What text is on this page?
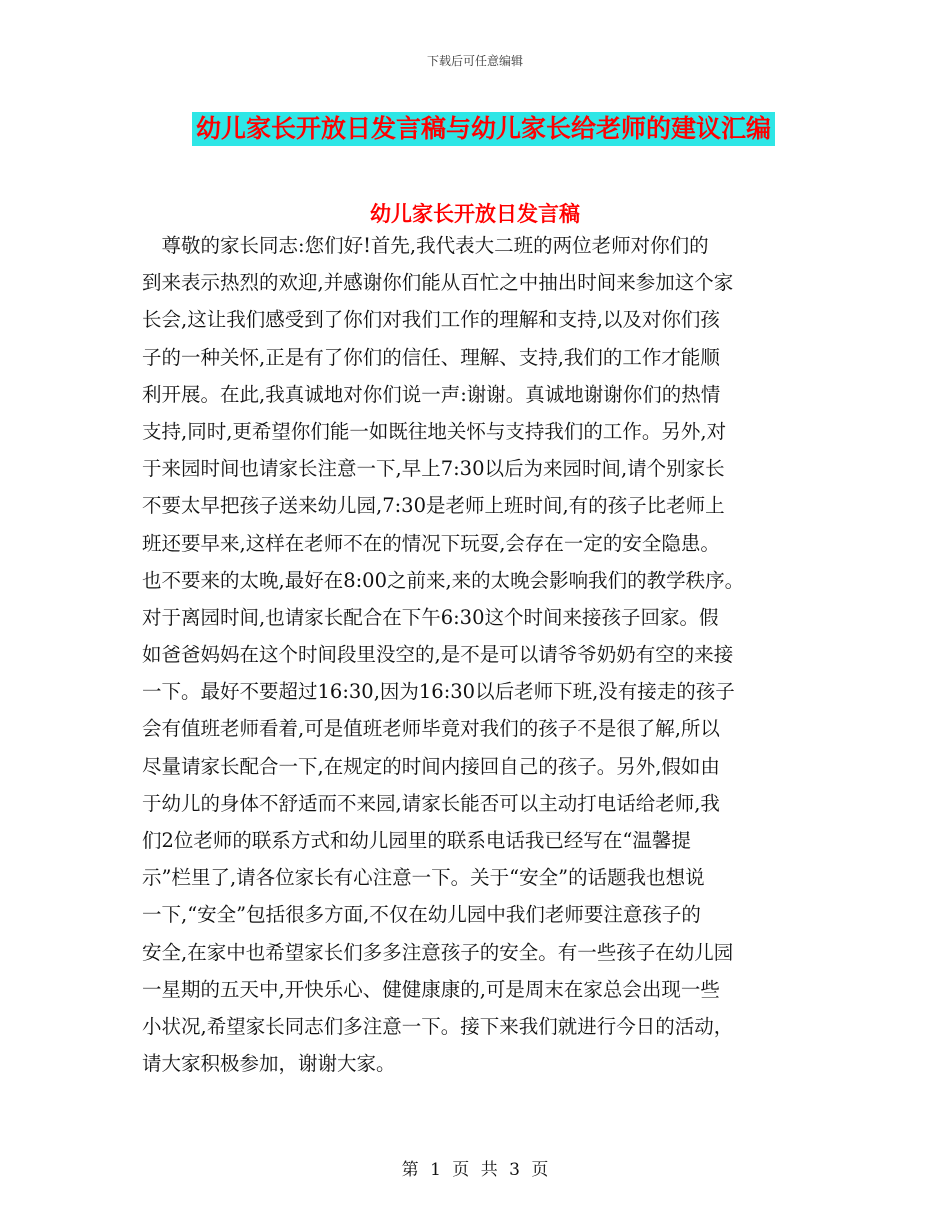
下载后可任意编辑
幼儿家长开放日发言稿与幼儿家长给老师的建议汇编
幼儿家长开放日发言稿
　尊敬的家长同志:您们好!首先,我代表大二班的两位老师对你们的
到来表示热烈的欢迎,并感谢你们能从百忙之中抽出时间来参加这个家
长会,这让我们感受到了你们对我们工作的理解和支持,以及对你们孩
子的一种关怀,正是有了你们的信任、理解、支持,我们的工作才能顺
利开展。在此,我真诚地对你们说一声:谢谢。真诚地谢谢你们的热情
支持,同时,更希望你们能一如既往地关怀与支持我们的工作。另外,对
于来园时间也请家长注意一下,早上7:30以后为来园时间,请个别家长
不要太早把孩子送来幼儿园,7:30是老师上班时间,有的孩子比老师上
班还要早来,这样在老师不在的情况下玩耍,会存在一定的安全隐患。
也不要来的太晚,最好在8:00之前来,来的太晚会影响我们的教学秩序。
对于离园时间,也请家长配合在下午6:30这个时间来接孩子回家。假
如爸爸妈妈在这个时间段里没空的,是不是可以请爷爷奶奶有空的来接
一下。最好不要超过16:30,因为16:30以后老师下班,没有接走的孩子
会有值班老师看着,可是值班老师毕竟对我们的孩子不是很了解,所以
尽量请家长配合一下,在规定的时间内接回自己的孩子。另外,假如由
于幼儿的身体不舒适而不来园,请家长能否可以主动打电话给老师,我
们2位老师的联系方式和幼儿园里的联系电话我已经写在“温馨提
示”栏里了,请各位家长有心注意一下。关于“安全”的话题我也想说
一下,“安全”包括很多方面,不仅在幼儿园中我们老师要注意孩子的
安全,在家中也希望家长们多多注意孩子的安全。有一些孩子在幼儿园
一星期的五天中,开快乐心、健健康康的,可是周末在家总会出现一些
小状况,希望家长同志们多注意一下。接下来我们就进行今日的活动，
请大家积极参加，谢谢大家。
第 1 页 共 3 页
